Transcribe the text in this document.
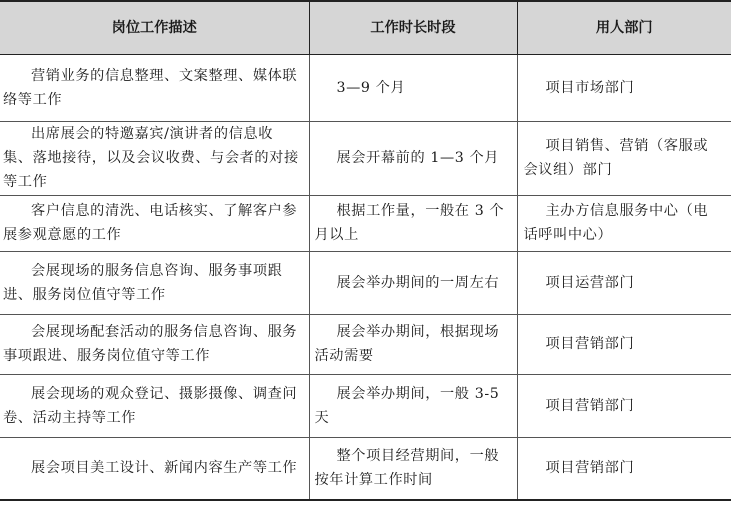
岗位工作描述	工作时长时段	用人部门
营销业务的信息整理、文案整理、媒体联络等工作	3—9 个月	项目市场部门
出席展会的特邀嘉宾/演讲者的信息收集、落地接待，以及会议收费、与会者的对接等工作	展会开幕前的 1—3 个月	项目销售、营销（客服或会议组）部门
客户信息的清洗、电话核实、了解客户参展参观意愿的工作	根据工作量，一般在 3 个月以上	主办方信息服务中心（电话呼叫中心）
会展现场的服务信息咨询、服务事项跟进、服务岗位值守等工作	展会举办期间的一周左右	项目运营部门
会展现场配套活动的服务信息咨询、服务事项跟进、服务岗位值守等工作	展会举办期间，根据现场活动需要	项目营销部门
展会现场的观众登记、摄影摄像、调查问卷、活动主持等工作	展会举办期间，一般 3-5 天	项目营销部门
展会项目美工设计、新闻内容生产等工作	整个项目经营期间，一般按年计算工作时间	项目营销部门
